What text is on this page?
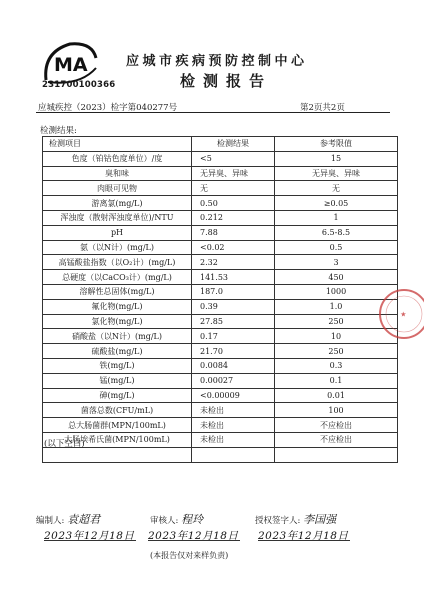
MA
231700100366
应城市疾病预防控制中心
检测报告
应城疾控（2023）检字第040277号	第2页共2页
检测结果:
检测项目	检测结果	参考限值
色度（铂钴色度单位）/度	<5	15
臭和味	无异臭、异味	无异臭、异味
肉眼可见物	无	无
游离氯(mg/L)	0.50	≥0.05
浑浊度（散射浑浊度单位)/NTU	0.212	1
pH	7.88	6.5-8.5
氨（以N计）(mg/L)	<0.02	0.5
高锰酸盐指数（以O₂计）(mg/L)	2.32	3
总硬度（以CaCO₃计）(mg/L)	141.53	450
溶解性总固体(mg/L)	187.0	1000
氟化物(mg/L)	0.39	1.0
氯化物(mg/L)	27.85	250
硝酸盐（以N计）(mg/L)	0.17	10
硫酸盐(mg/L)	21.70	250
铁(mg/L)	0.0084	0.3
锰(mg/L)	0.00027	0.1
砷(mg/L)	<0.00009	0.01
菌落总数(CFU/mL)	未检出	100
总大肠菌群(MPN/100mL)	未检出	不应检出
大肠埃希氏菌(MPN/100mL)	未检出	不应检出

(以下空白)
编制人: 袁超君	审核人: 程玲	授权签字人: 李国强
2023年12月18日 2023年12月18日 2023年12月18日
(本报告仅对来样负责)
★
